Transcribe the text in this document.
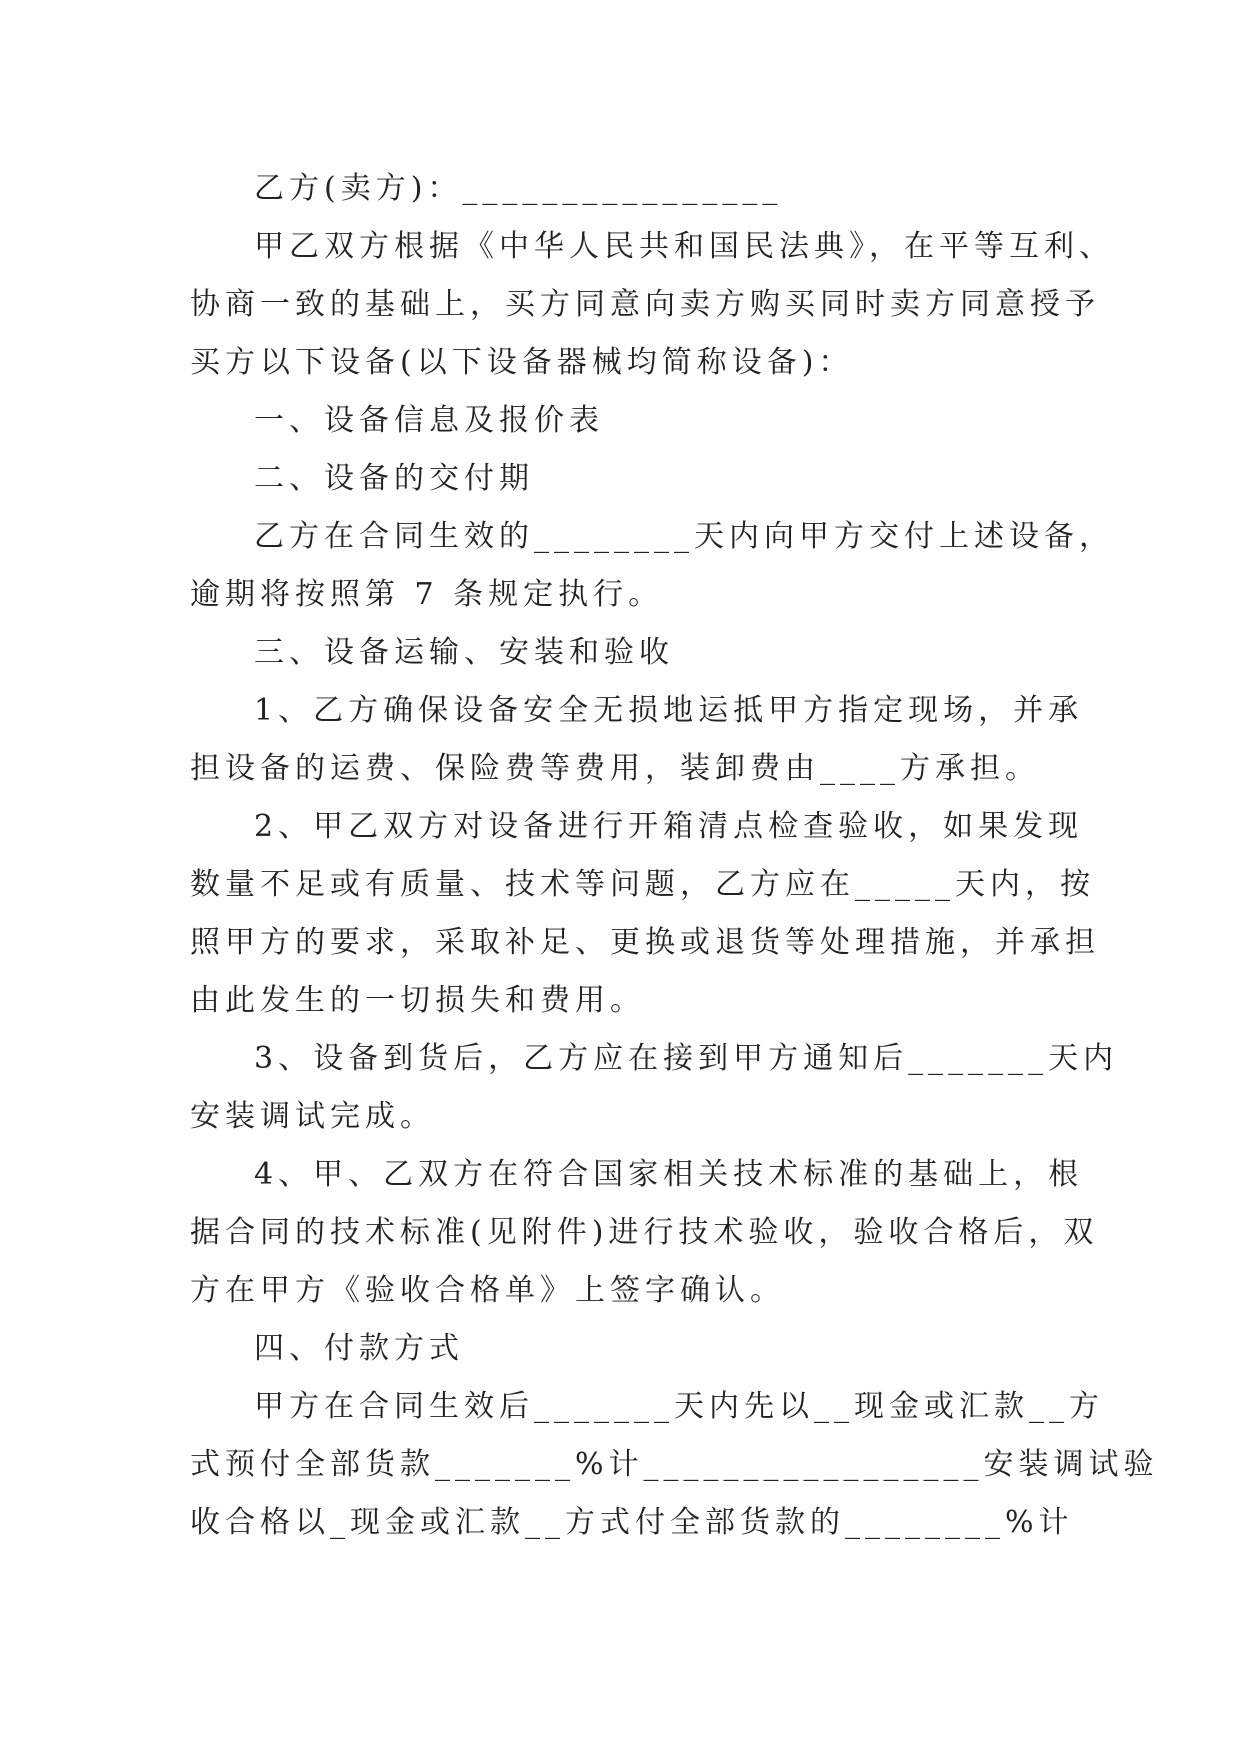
乙方(卖方)：________________
甲乙双方根据《中华人民共和国民法典》，在平等互利、
协商一致的基础上，买方同意向卖方购买同时卖方同意授予
买方以下设备(以下设备器械均简称设备)：
一、设备信息及报价表
二、设备的交付期
乙方在合同生效的________天内向甲方交付上述设备，
逾期将按照第 7 条规定执行。
三、设备运输、安装和验收
1、乙方确保设备安全无损地运抵甲方指定现场，并承
担设备的运费、保险费等费用，装卸费由____方承担。
2、甲乙双方对设备进行开箱清点检查验收，如果发现
数量不足或有质量、技术等问题，乙方应在_____天内，按
照甲方的要求，采取补足、更换或退货等处理措施，并承担
由此发生的一切损失和费用。
3、设备到货后，乙方应在接到甲方通知后_______天内
安装调试完成。
4、甲、乙双方在符合国家相关技术标准的基础上，根
据合同的技术标准(见附件)进行技术验收，验收合格后，双
方在甲方《验收合格单》上签字确认。
四、付款方式
甲方在合同生效后_______天内先以__现金或汇款__方
式预付全部货款_______%计_________________安装调试验
收合格以_现金或汇款__方式付全部货款的________%计
